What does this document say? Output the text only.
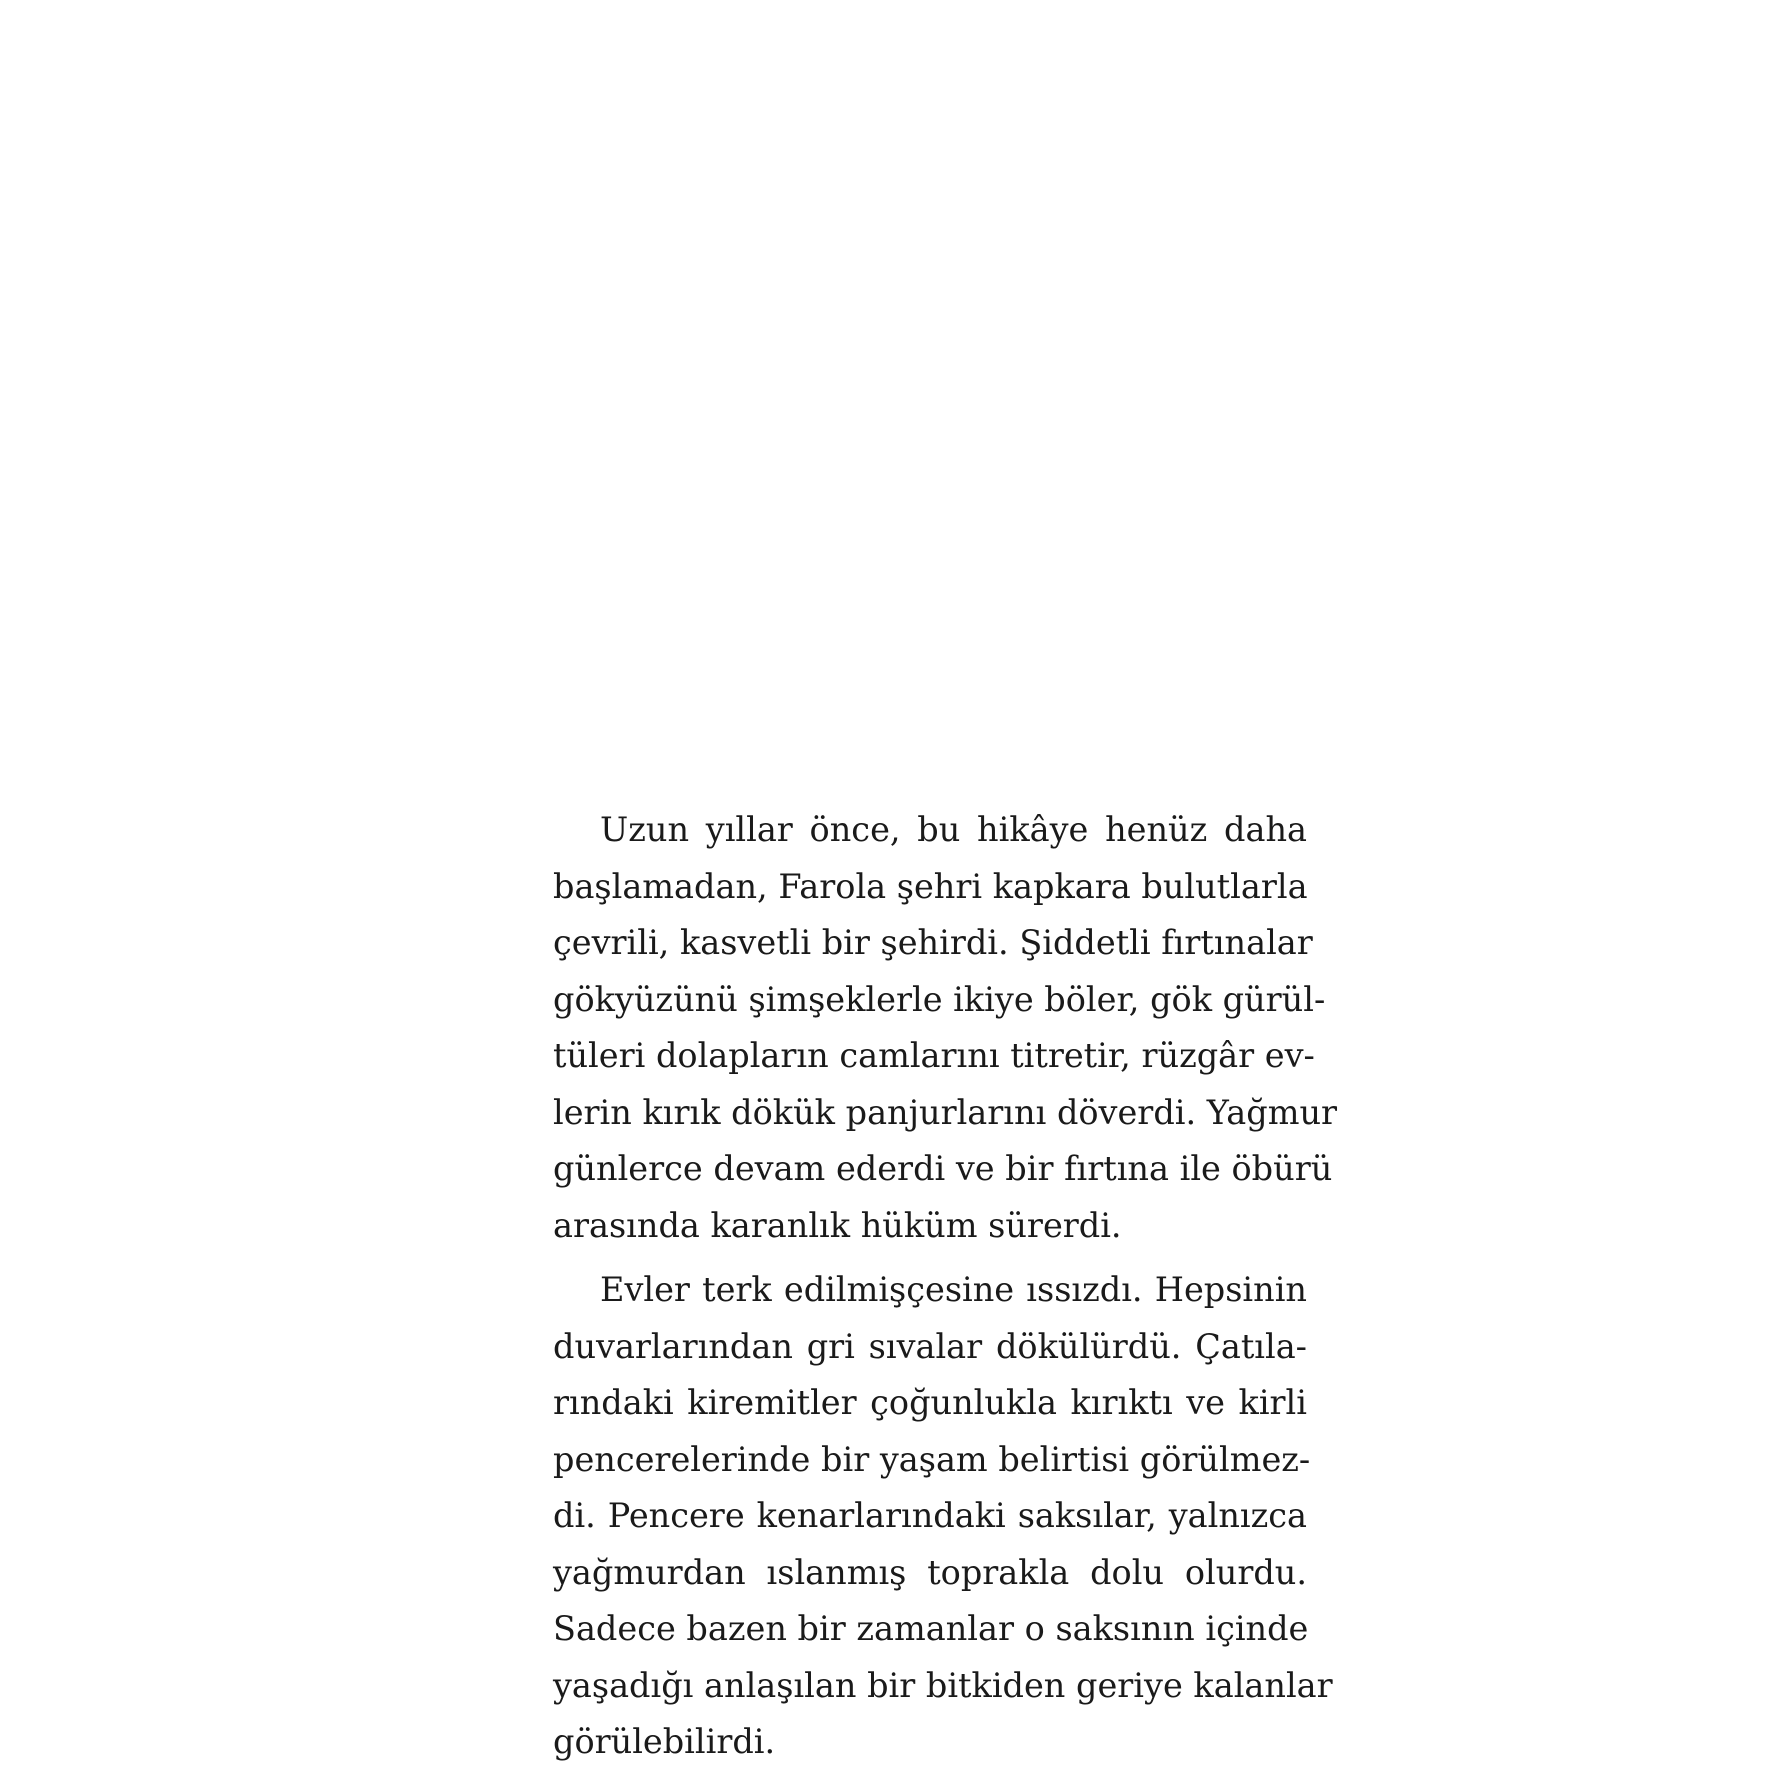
Uzun yıllar önce, bu hikâye henüz daha
başlamadan, Farola şehri kapkara bulutlarla
çevrili, kasvetli bir şehirdi. Şiddetli fırtınalar
gökyüzünü şimşeklerle ikiye böler, gök gürül-
tüleri dolapların camlarını titretir, rüzgâr ev-
lerin kırık dökük panjurlarını döverdi. Yağmur
günlerce devam ederdi ve bir fırtına ile öbürü
arasında karanlık hüküm sürerdi.

Evler terk edilmişçesine ıssızdı. Hepsinin
duvarlarından gri sıvalar dökülürdü. Çatıla-
rındaki kiremitler çoğunlukla kırıktı ve kirli
pencerelerinde bir yaşam belirtisi görülmez-
di. Pencere kenarlarındaki saksılar, yalnızca
yağmurdan ıslanmış toprakla dolu olurdu.
Sadece bazen bir zamanlar o saksının içinde
yaşadığı anlaşılan bir bitkiden geriye kalanlar
görülebilirdi.
